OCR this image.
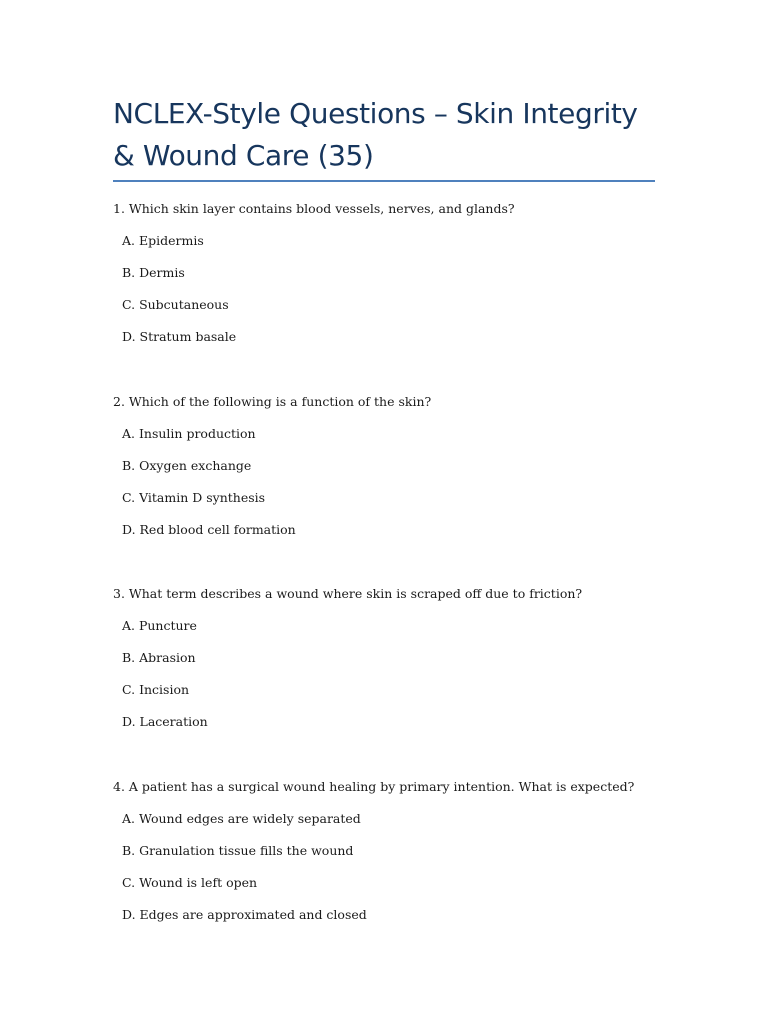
NCLEX-Style Questions – Skin Integrity & Wound Care (35)

1. Which skin layer contains blood vessels, nerves, and glands?

A. Epidermis

B. Dermis

C. Subcutaneous

D. Stratum basale

2. Which of the following is a function of the skin?

A. Insulin production

B. Oxygen exchange

C. Vitamin D synthesis

D. Red blood cell formation

3. What term describes a wound where skin is scraped off due to friction?

A. Puncture

B. Abrasion

C. Incision

D. Laceration

4. A patient has a surgical wound healing by primary intention. What is expected?

A. Wound edges are widely separated

B. Granulation tissue fills the wound

C. Wound is left open

D. Edges are approximated and closed
